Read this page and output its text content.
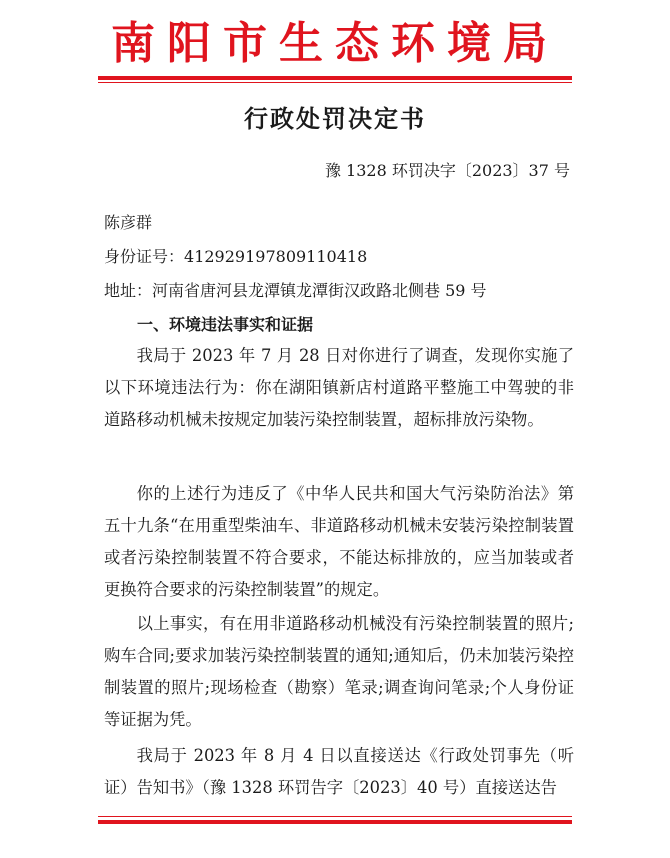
南阳市生态环境局
行政处罚决定书
豫 1328 环罚决字〔2023〕37 号
陈彦群
身份证号：412929197809110418
地址：河南省唐河县龙潭镇龙潭街汉政路北侧巷 59 号
一、环境违法事实和证据
我局于 2023 年 7 月 28 日对你进行了调查，发现你实施了以下环境违法行为：你在湖阳镇新店村道路平整施工中驾驶的非道路移动机械未按规定加装污染控制装置，超标排放污染物。
你的上述行为违反了《中华人民共和国大气污染防治法》第五十九条“在用重型柴油车、非道路移动机械未安装污染控制装置或者污染控制装置不符合要求，不能达标排放的，应当加装或者更换符合要求的污染控制装置”的规定。
以上事实，有在用非道路移动机械没有污染控制装置的照片;购车合同;要求加装污染控制装置的通知;通知后，仍未加装污染控制装置的照片;现场检查（勘察）笔录;调查询问笔录;个人身份证等证据为凭。
我局于 2023 年 8 月 4 日以直接送达《行政处罚事先（听证）告知书》（豫 1328 环罚告字〔2023〕40 号）直接送达告
